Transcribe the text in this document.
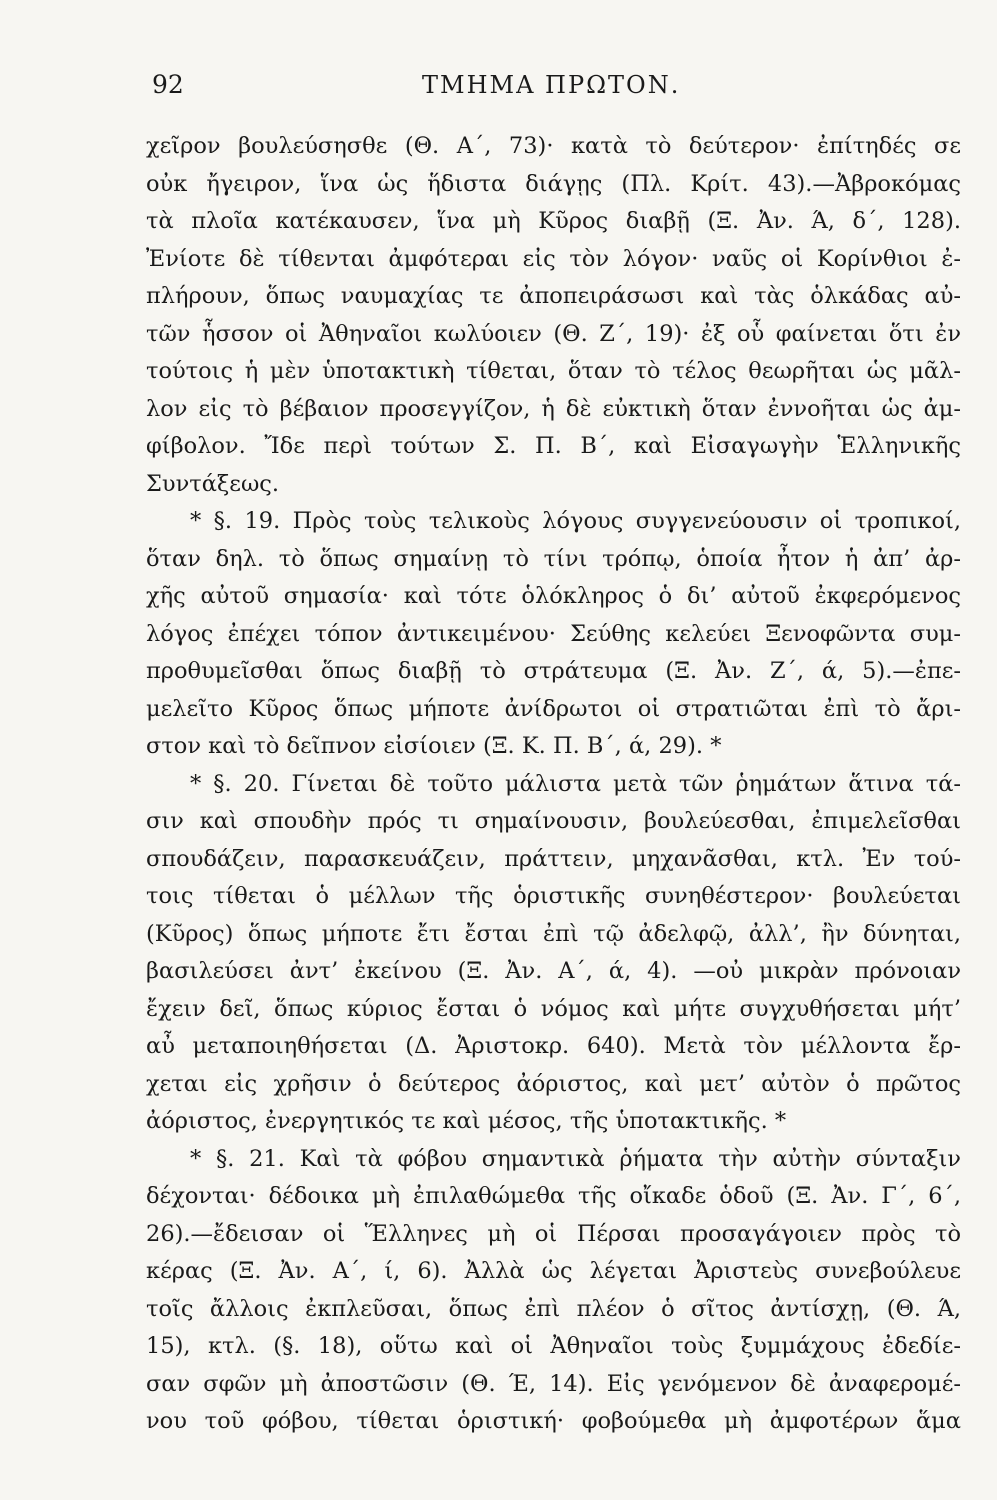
92	ΤΜΗΜΑ ΠΡΩΤΟΝ.
χεῖρον βουλεύσησθε (Θ. Α΄, 73)· κατὰ τὸ δεύτερον· ἐπίτηδές σε
οὐκ ἤγειρον, ἵνα ὡς ἥδιστα διάγῃς (Πλ. Κρίτ. 43).—Ἀβροκόμας
τὰ πλοῖα κατέκαυσεν, ἵνα μὴ Κῦρος διαβῇ (Ξ. Ἀν. Ά, δ΄, 128).
Ἐνίοτε δὲ τίθενται ἀμφότεραι εἰς τὸν λόγον· ναῦς οἱ Κορίνθιοι ἐ-
πλήρουν, ὅπως ναυμαχίας τε ἀποπειράσωσι καὶ τὰς ὁλκάδας αὐ-
τῶν ἧσσον οἱ Ἀθηναῖοι κωλύοιεν (Θ. Ζ΄, 19)· ἐξ οὗ φαίνεται ὅτι ἐν
τούτοις ἡ μὲν ὑποτακτικὴ τίθεται, ὅταν τὸ τέλος θεωρῆται ὡς μᾶλ-
λον εἰς τὸ βέβαιον προσεγγίζον, ἡ δὲ εὐκτικὴ ὅταν ἐννοῆται ὡς ἀμ-
φίβολον. Ἴδε περὶ τούτων Σ. Π. Β΄, καὶ Εἰσαγωγὴν Ἑλληνικῆς
Συντάξεως.
* §. 19. Πρὸς τοὺς τελικοὺς λόγους συγγενεύουσιν οἱ τροπικοί,
ὅταν δηλ. τὸ ὅπως σημαίνῃ τὸ τίνι τρόπῳ, ὁποία ἦτον ἡ ἀπ’ ἀρ-
χῆς αὐτοῦ σημασία· καὶ τότε ὁλόκληρος ὁ δι’ αὐτοῦ ἐκφερόμενος
λόγος ἐπέχει τόπον ἀντικειμένου· Σεύθης κελεύει Ξενοφῶντα συμ-
προθυμεῖσθαι ὅπως διαβῇ τὸ στράτευμα (Ξ. Ἀν. Ζ΄, ά, 5).—ἐπε-
μελεῖτο Κῦρος ὅπως μήποτε ἀνίδρωτοι οἱ στρατιῶται ἐπὶ τὸ ἄρι-
στον καὶ τὸ δεῖπνον εἰσίοιεν (Ξ. Κ. Π. Β΄, ά, 29). *
* §. 20. Γίνεται δὲ τοῦτο μάλιστα μετὰ τῶν ῥημάτων ἅτινα τά-
σιν καὶ σπουδὴν πρός τι σημαίνουσιν, βουλεύεσθαι, ἐπιμελεῖσθαι
σπουδάζειν, παρασκευάζειν, πράττειν, μηχανᾶσθαι, κτλ. Ἐν τού-
τοις τίθεται ὁ μέλλων τῆς ὁριστικῆς συνηθέστερον· βουλεύεται
(Κῦρος) ὅπως μήποτε ἔτι ἔσται ἐπὶ τῷ ἀδελφῷ, ἀλλ’, ἢν δύνηται,
βασιλεύσει ἀντ’ ἐκείνου (Ξ. Ἀν. Α΄, ά, 4). —οὐ μικρὰν πρόνοιαν
ἔχειν δεῖ, ὅπως κύριος ἔσται ὁ νόμος καὶ μήτε συγχυθήσεται μήτ’
αὖ μεταποιηθήσεται (Δ. Ἀριστοκρ. 640). Μετὰ τὸν μέλλοντα ἔρ-
χεται εἰς χρῆσιν ὁ δεύτερος ἀόριστος, καὶ μετ’ αὐτὸν ὁ πρῶτος
ἀόριστος, ἐνεργητικός τε καὶ μέσος, τῆς ὑποτακτικῆς. *
* §. 21. Καὶ τὰ φόβου σημαντικὰ ῥήματα τὴν αὐτὴν σύνταξιν
δέχονται· δέδοικα μὴ ἐπιλαθώμεθα τῆς οἴκαδε ὁδοῦ (Ξ. Ἀν. Γ΄, 6΄,
26).—ἔδεισαν οἱ Ἕλληνες μὴ οἱ Πέρσαι προσαγάγοιεν πρὸς τὸ
κέρας (Ξ. Ἀν. Α΄, ί, 6). Ἀλλὰ ὡς λέγεται Ἀριστεὺς συνεβούλευε
τοῖς ἄλλοις ἐκπλεῦσαι, ὅπως ἐπὶ πλέον ὁ σῖτος ἀντίσχῃ, (Θ. Ά,
15), κτλ. (§. 18), οὕτω καὶ οἱ Ἀθηναῖοι τοὺς ξυμμάχους ἐδεδίε-
σαν σφῶν μὴ ἀποστῶσιν (Θ. Έ, 14). Εἰς γενόμενον δὲ ἀναφερομέ-
νου τοῦ φόβου, τίθεται ὁριστική· φοβούμεθα μὴ ἀμφοτέρων ἅμα
